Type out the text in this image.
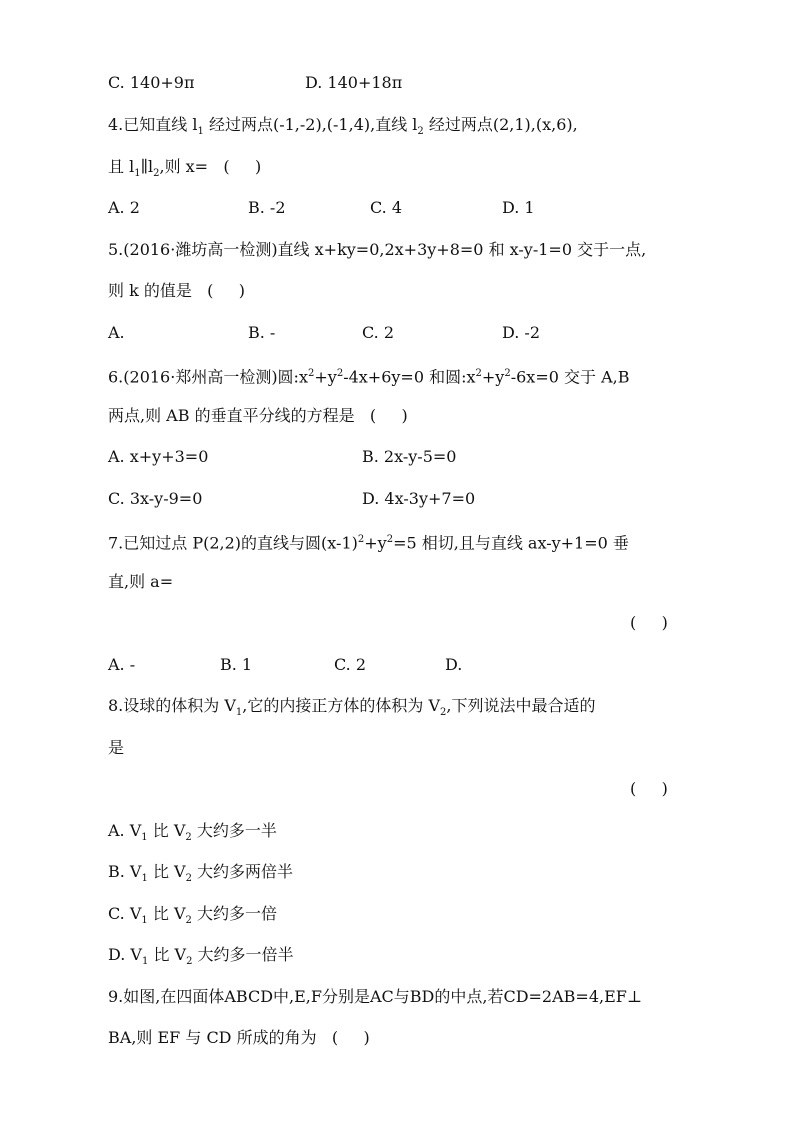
C. 140+9π	D. 140+18π
4.已知直线 $l_1$ 经过两点(-1,-2),(-1,4),直线 $l_2$ 经过两点(2,1),(x,6),
且 $l_1\parallel l_2$,则 x=   (     )
A. 2	B. -2	C. 4	D. 1
5.(2016·潍坊高一检测)直线 x+ky=0,2x+3y+8=0 和 x-y-1=0 交于一点,
则 k 的值是   (     )
A.	B. -	C. 2	D. -2
6.(2016·郑州高一检测)圆$:x^2+y^2-4x+6y=0$ 和圆$:x^2+y^2-6x=0$ 交于 A,B
两点,则 AB 的垂直平分线的方程是   (     )
A. x+y+3=0	B. 2x-y-5=0
C. 3x-y-9=0	D. 4x-3y+7=0
7.已知过点 P(2,2)的直线与圆$(x-1)^2+y^2=5$ 相切,且与直线 ax-y+1=0 垂
直,则 a=
(     )
A. -	B. 1	C. 2	D.
8.设球的体积为 $V_1$,它的内接正方体的体积为 $V_2$,下列说法中最合适的
是
(     )
A. $V_1$ 比 $V_2$ 大约多一半
B. $V_1$ 比 $V_2$ 大约多两倍半
C. $V_1$ 比 $V_2$ 大约多一倍
D. $V_1$ 比 $V_2$ 大约多一倍半
9.如图,在四面体ABCD中,E,F分别是AC与BD的中点,若CD=2AB=4,EF⊥
BA,则 EF 与 CD 所成的角为   (     )
